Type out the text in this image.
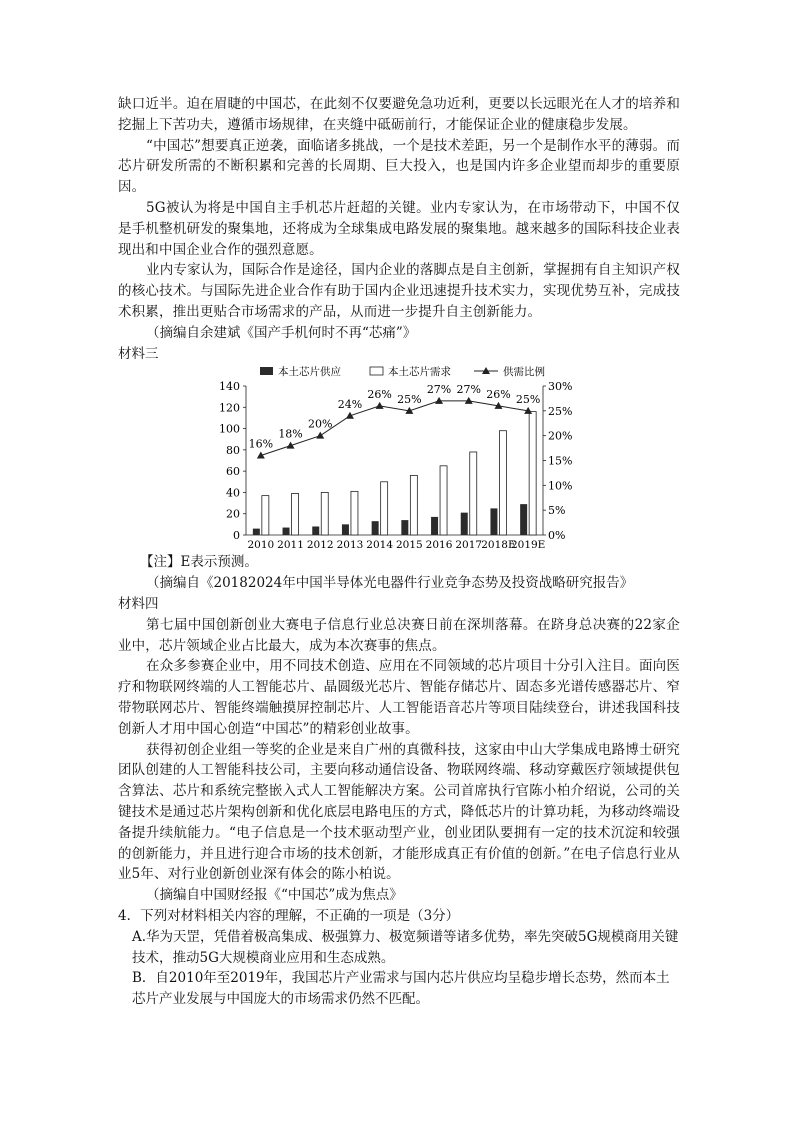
缺口近半。迫在眉睫的中国芯，在此刻不仅要避免急功近利，更要以长远眼光在人才的培养和挖掘上下苦功夫，遵循市场规律，在夹缝中砥砺前行，才能保证企业的健康稳步发展。

“中国芯”想要真正逆袭，面临诸多挑战，一个是技术差距，另一个是制作水平的薄弱。而芯片研发所需的不断积累和完善的长周期、巨大投入，也是国内许多企业望而却步的重要原因。

5G被认为将是中国自主手机芯片赶超的关键。业内专家认为，在市场带动下，中国不仅是手机整机研发的聚集地，还将成为全球集成电路发展的聚集地。越来越多的国际科技企业表现出和中国企业合作的强烈意愿。

业内专家认为，国际合作是途径，国内企业的落脚点是自主创新，掌握拥有自主知识产权的核心技术。与国际先进企业合作有助于国内企业迅速提升技术实力，实现优势互补，完成技术积累，推出更贴合市场需求的产品，从而进一步提升自主创新能力。

（摘编自余建斌《国产手机何时不再“芯痛”》

材料三

本土芯片供应	本土芯片需求	供需比例
0
20
40
60
80
100
120
140
0%
5%
10%
15%
20%
25%
30%
2010 2011 2012 2013 2014 2015 2016 2017 2018E
2019E
16%
18%
20%
24%
26% 25%
27% 27% 26% 25%

【注】E表示预测。

（摘编自《20182024年中国半导体光电器件行业竞争态势及投资战略研究报告》

材料四

第七届中国创新创业大赛电子信息行业总决赛日前在深圳落幕。在跻身总决赛的22家企业中，芯片领域企业占比最大，成为本次赛事的焦点。

在众多参赛企业中，用不同技术创造、应用在不同领域的芯片项目十分引入注目。面向医疗和物联网终端的人工智能芯片、晶圆级光芯片、智能存储芯片、固态多光谱传感器芯片、窄带物联网芯片、智能终端触摸屏控制芯片、人工智能语音芯片等项目陆续登台，讲述我国科技创新人才用中国心创造“中国芯”的精彩创业故事。

获得初创企业组一等奖的企业是来自广州的真微科技，这家由中山大学集成电路博士研究团队创建的人工智能科技公司，主要向移动通信设备、物联网终端、移动穿戴医疗领域提供包含算法、芯片和系统完整嵌入式人工智能解决方案。公司首席执行官陈小柏介绍说，公司的关键技术是通过芯片架构创新和优化底层电路电压的方式，降低芯片的计算功耗，为移动终端设备提升续航能力。“电子信息是一个技术驱动型产业，创业团队要拥有一定的技术沉淀和较强的创新能力，并且进行迎合市场的技术创新，才能形成真正有价值的创新。”在电子信息行业从业5年、对行业创新创业深有体会的陈小柏说。

（摘编自中国财经报《“中国芯”成为焦点》

4．下列对材料相关内容的理解，不正确的一项是（3分）

A.华为天罡，凭借着极高集成、极强算力、极宽频谱等诸多优势，率先突破5G规模商用关键技术，推动5G大规模商业应用和生态成熟。

B．自2010年至2019年，我国芯片产业需求与国内芯片供应均呈稳步增长态势，然而本土芯片产业发展与中国庞大的市场需求仍然不匹配。
